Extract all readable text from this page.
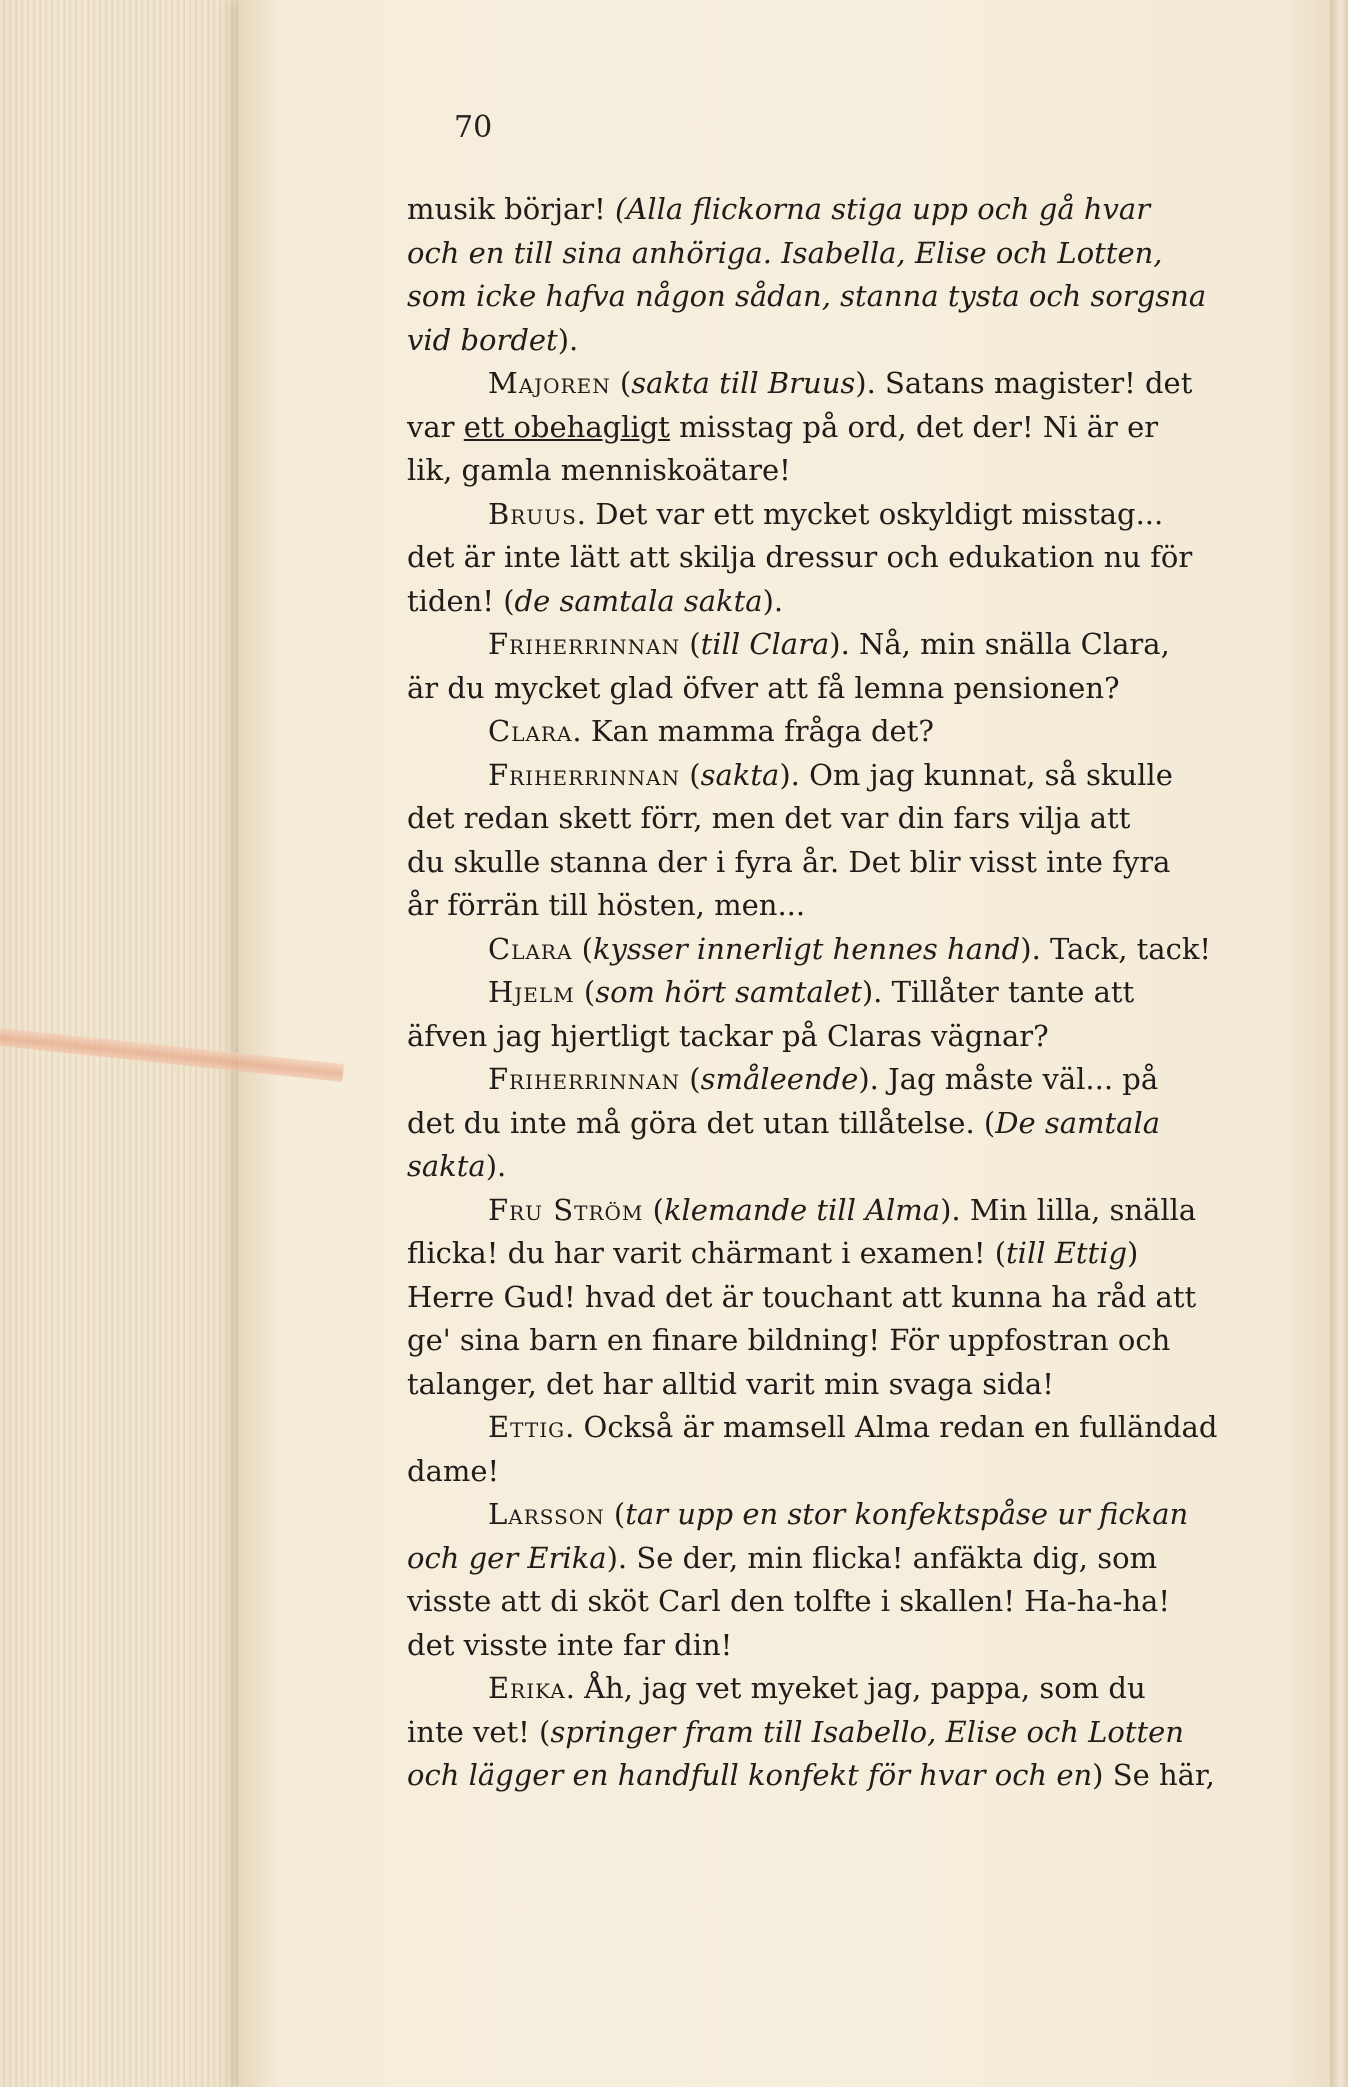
70

musik börjar! (Alla flickorna stiga upp och gå hvar

och en till sina anhöriga. Isabella, Elise och Lotten,

som icke hafva någon sådan, stanna tysta och sorgsna

vid bordet).

Majoren (sakta till Bruus). Satans magister! det

var ett obehagligt misstag på ord, det der! Ni är er

lik, gamla menniskoätare!

Bruus. Det var ett mycket oskyldigt misstag...

det är inte lätt att skilja dressur och edukation nu för

tiden! (de samtala sakta).

Friherrinnan (till Clara). Nå, min snälla Clara,

är du mycket glad öfver att få lemna pensionen?

Clara. Kan mamma fråga det?

Friherrinnan (sakta). Om jag kunnat, så skulle

det redan skett förr, men det var din fars vilja att

du skulle stanna der i fyra år. Det blir visst inte fyra

år förrän till hösten, men...

Clara (kysser innerligt hennes hand). Tack, tack!

Hjelm (som hört samtalet). Tillåter tante att

äfven jag hjertligt tackar på Claras vägnar?

Friherrinnan (småleende). Jag måste väl... på

det du inte må göra det utan tillåtelse. (De samtala

sakta).

Fru Ström (klemande till Alma). Min lilla, snälla

flicka! du har varit chärmant i examen! (till Ettig)

Herre Gud! hvad det är touchant att kunna ha råd att

ge' sina barn en finare bildning! För uppfostran och

talanger, det har alltid varit min svaga sida!

Ettig. Också är mamsell Alma redan en fulländad

dame!

Larsson (tar upp en stor konfektspåse ur fickan

och ger Erika). Se der, min flicka! anfäkta dig, som

visste att di sköt Carl den tolfte i skallen! Ha-ha-ha!

det visste inte far din!

Erika. Åh, jag vet myeket jag, pappa, som du

inte vet! (springer fram till Isabello, Elise och Lotten

och lägger en handfull konfekt för hvar och en) Se här,
